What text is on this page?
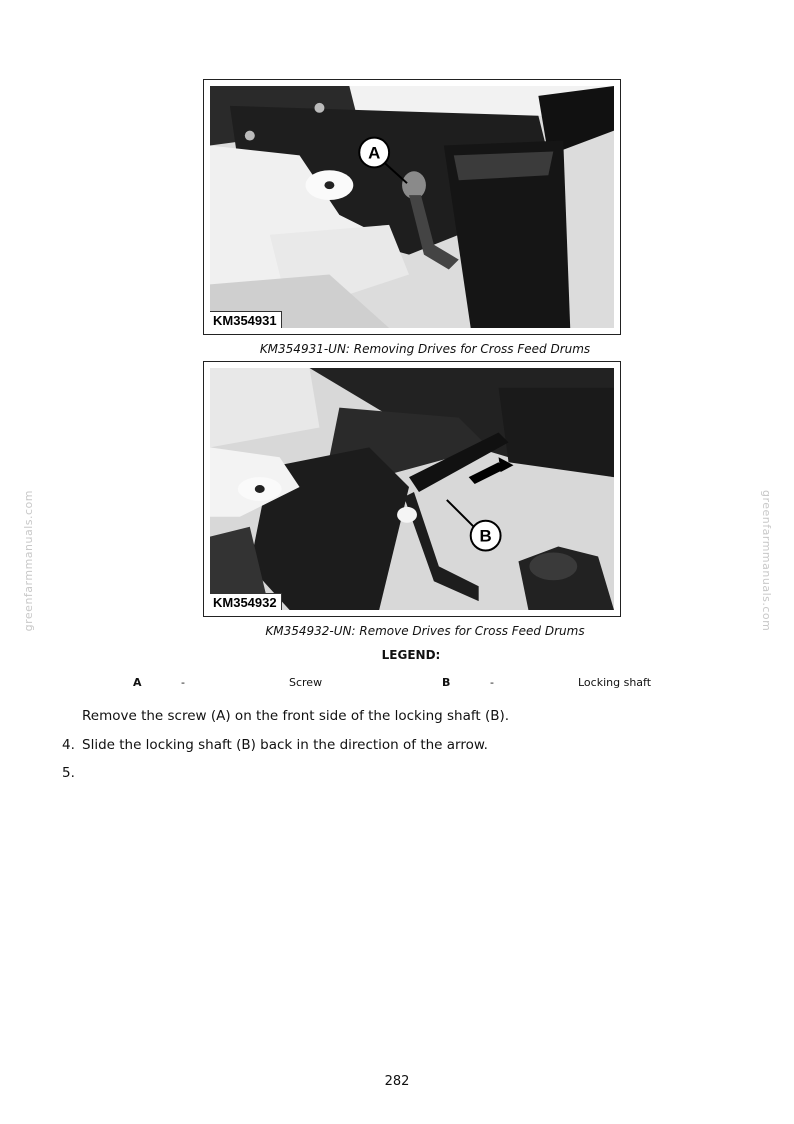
A
KM354931
KM354931-UN: Removing Drives for Cross Feed Drums
B
KM354932
KM354932-UN: Remove Drives for Cross Feed Drums
LEGEND:
A	-	Screw	B	-	Locking shaft
Remove the screw (A) on the front side of the locking shaft (B).
4. Slide the locking shaft (B) back in the direction of the arrow.
5.
greenfarmmanuals.com	greenfarmmanuals.com
282
